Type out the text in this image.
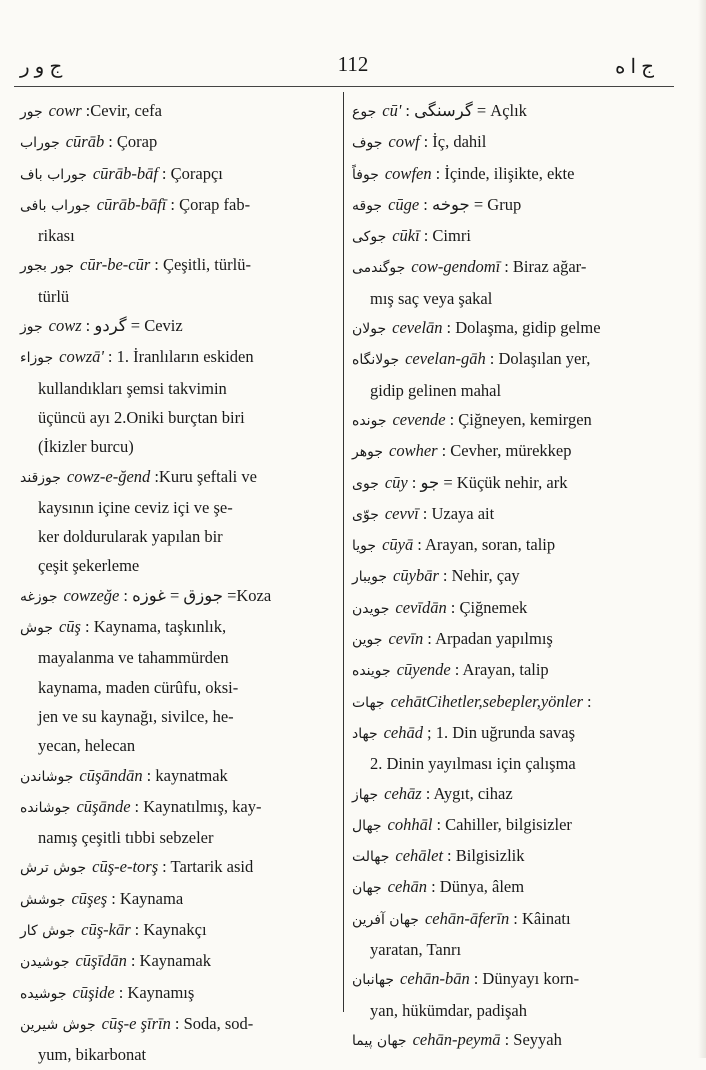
ج و ر	112	ج ا ه
جور cowr :Cevir, cefa
جوراب cūrāb : Çorap
جوراب باف cūrāb-bāf : Çorapçı
جوراب بافی cūrāb-bāfī : Çorap fab-
rikası
جور بجور cūr-be-cūr : Çeşitli, türlü-
türlü
جوز cowz : گردو = Ceviz
جوزاء cowzā' : 1. İranlıların eskiden
kullandıkları şemsi takvimin
üçüncü ayı 2.Oniki burçtan biri
(İkizler burcu)
جوزقند cowz-e-ğend :Kuru şeftali ve
kaysının içine ceviz içi ve şe-
ker doldurularak yapılan bir
çeşit şekerleme
جوزغه cowzeğe : جوزق = غوزه =Koza
جوش cūş : Kaynama, taşkınlık,
mayalanma ve tahammürden
kaynama, maden cürûfu, oksi-
jen ve su kaynağı, sivilce, he-
yecan, helecan
جوشاندن cūşāndān : kaynatmak
جوشانده cūşānde : Kaynatılmış, kay-
namış çeşitli tıbbi sebzeler
جوش ترش cūş-e-torş : Tartarik asid
جوشش cūşeş : Kaynama
جوش کار cūş-kār : Kaynakçı
جوشیدن cūşīdān : Kaynamak
جوشیده cūşide : Kaynamış
جوش شیرین cūş-e şīrīn : Soda, sod-
yum, bikarbonat
جوع cū' : گرسنگی = Açlık
جوف cowf : İç, dahil
جوفاً cowfen : İçinde, ilişikte, ekte
جوقه cūge : جوخه = Grup
جوکی cūkī : Cimri
جوگندمی cow-gendomī : Biraz ağar-
mış saç veya şakal
جولان cevelān : Dolaşma, gidip gelme
جولانگاه cevelan-gāh : Dolaşılan yer,
gidip gelinen mahal
جونده cevende : Çiğneyen, kemirgen
جوهر cowher : Cevher, mürekkep
جوی cūy : جو = Küçük nehir, ark
جوّی cevvī : Uzaya ait
جویا cūyā : Arayan, soran, talip
جویبار cūybār : Nehir, çay
جویدن cevīdān : Çiğnemek
جوین cevīn : Arpadan yapılmış
جوینده cūyende : Arayan, talip
جهات cehātCihetler,sebepler,yönler :
جهاد cehād ; 1. Din uğrunda savaş
2. Dinin yayılması için çalışma
جهاز cehāz : Aygıt, cihaz
جهال cohhāl : Cahiller, bilgisizler
جهالت cehālet : Bilgisizlik
جهان cehān : Dünya, âlem
جهان آفرین cehān-āferīn : Kâinatı
yaratan, Tanrı
جهانبان cehān-bān : Dünyayı korn-
yan, hükümdar, padişah
جهان پیما cehān-peymā : Seyyah
